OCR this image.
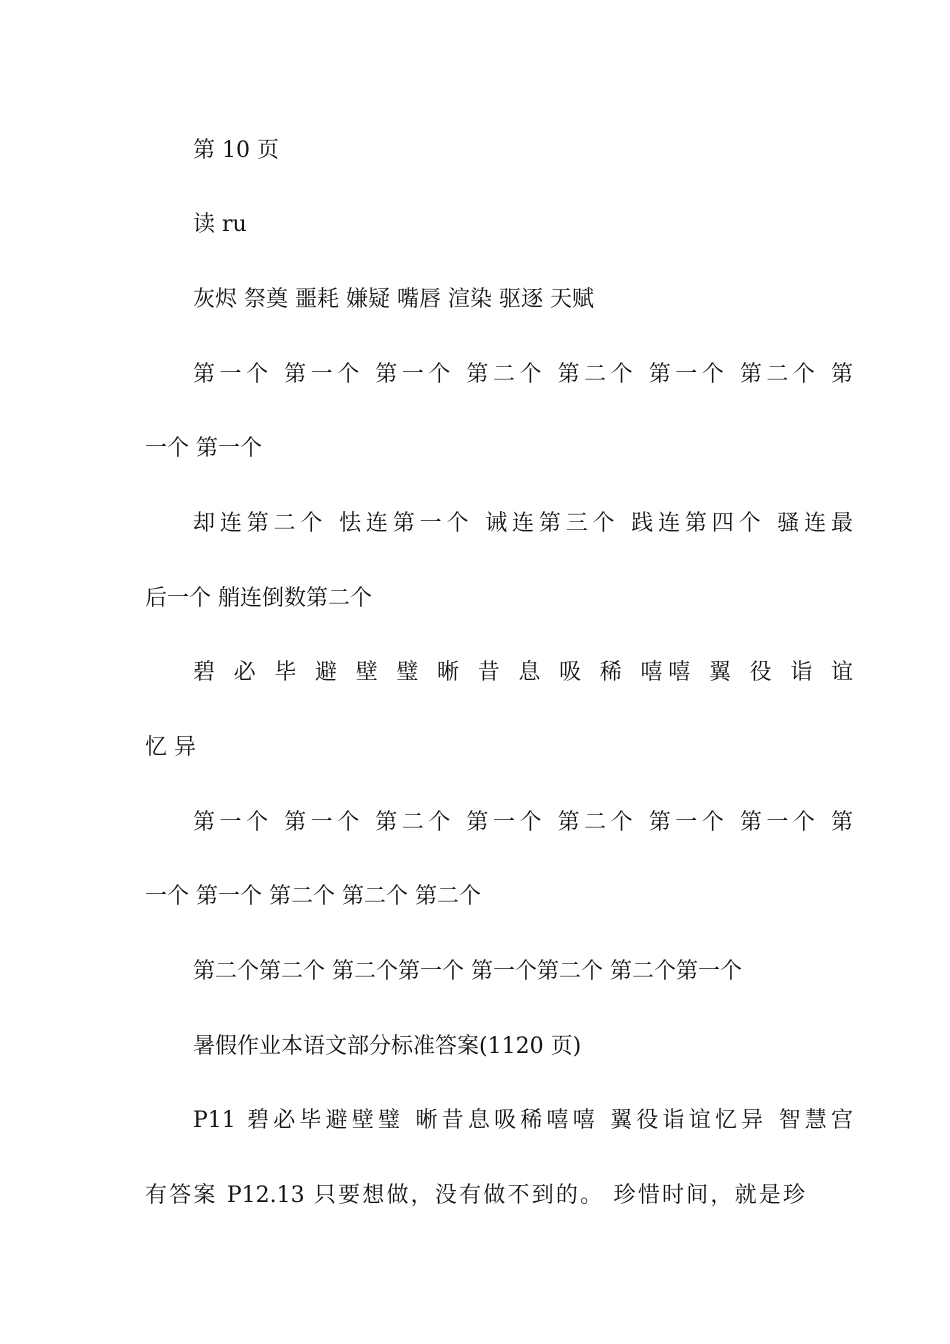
第 10 页
读 ru
灰烬 祭奠 噩耗 嫌疑 嘴唇 渲染 驱逐 天赋
第一个 第一个 第一个 第二个 第二个 第一个 第二个 第
一个 第一个
却连第二个 怯连第一个 诫连第三个 践连第四个 骚连最
后一个 艄连倒数第二个
碧 必 毕 避 壁 璧 晰 昔 息 吸 稀 嘻嘻 翼 役 诣 谊
忆 异
第一个 第一个 第二个 第一个 第二个 第一个 第一个 第
一个 第一个 第二个 第二个 第二个
第二个第二个 第二个第一个 第一个第二个 第二个第一个
暑假作业本语文部分标准答案(1120 页)
P11 碧必毕避壁璧 晰昔息吸稀嘻嘻 翼役诣谊忆异 智慧宫
有答案 P12.13 只要想做，没有做不到的。 珍惜时间，就是珍
